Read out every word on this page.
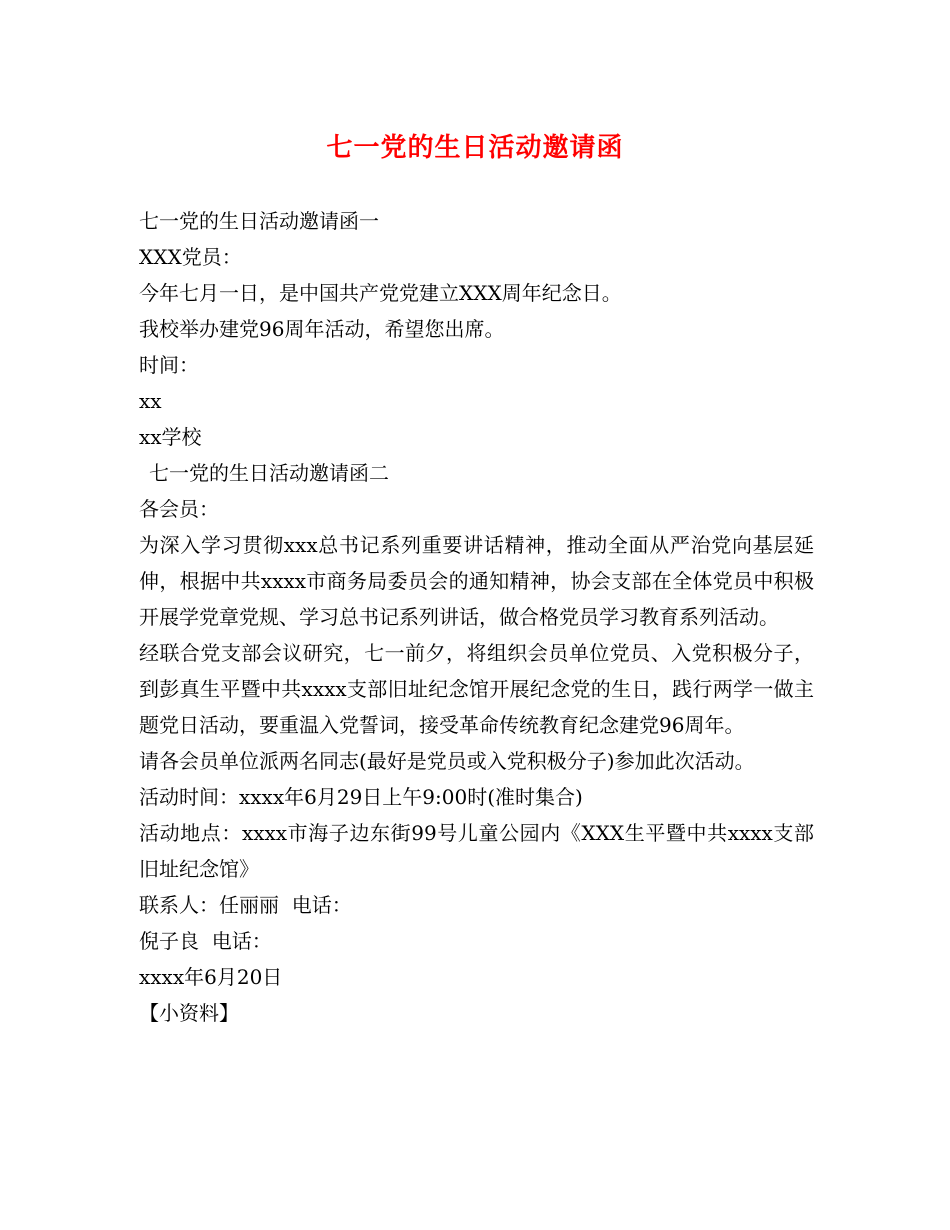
七一党的生日活动邀请函
七一党的生日活动邀请函一
XXX党员：
今年七月一日，是中国共产党党建立XXX周年纪念日。
我校举办建党96周年活动，希望您出席。
时间：
xx
xx学校
七一党的生日活动邀请函二
各会员：
为深入学习贯彻xxx总书记系列重要讲话精神，推动全面从严治党向基层延伸，根据中共xxxx市商务局委员会的通知精神，协会支部在全体党员中积极开展学党章党规、学习总书记系列讲话，做合格党员学习教育系列活动。
经联合党支部会议研究，七一前夕，将组织会员单位党员、入党积极分子，到彭真生平暨中共xxxx支部旧址纪念馆开展纪念党的生日，践行两学一做主题党日活动，要重温入党誓词，接受革命传统教育纪念建党96周年。
请各会员单位派两名同志(最好是党员或入党积极分子)参加此次活动。
活动时间：xxxx年6月29日上午9:00时(准时集合)
活动地点：xxxx市海子边东街99号儿童公园内《XXX生平暨中共xxxx支部旧址纪念馆》
联系人：任丽丽  电话：
倪子良  电话：
xxxx年6月20日
【小资料】
